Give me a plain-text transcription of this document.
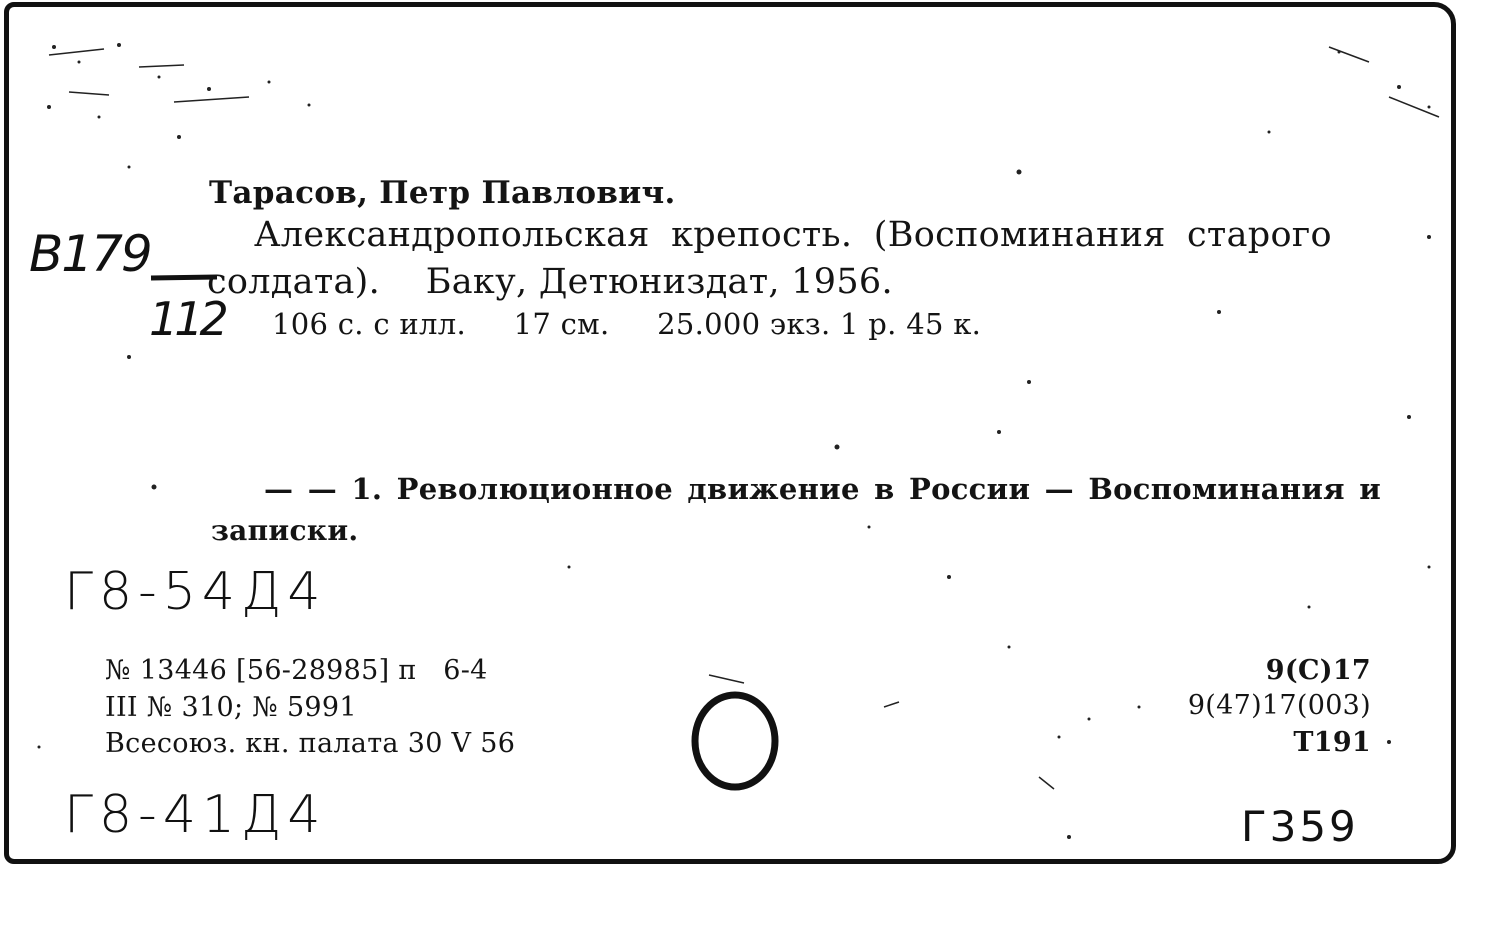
Тарасов, Петр Павлович.
Александропольская крепость. (Воспоминания старого
солдата).    Баку, Детюниздат, 1956.
106 с. с илл.     17 см.     25.000 экз. 1 р. 45 к.
— — 1. Революционное движение в России — Воспоминания и
записки.
№ 13446 [56-28985] п   6-4
III № 310; № 5991
Всесоюз. кн. палата 30 V 56
9(С)17
9(47)17(003)
Т191
В179
112
Г8-54Д4
Г8-41Д4	Г359
